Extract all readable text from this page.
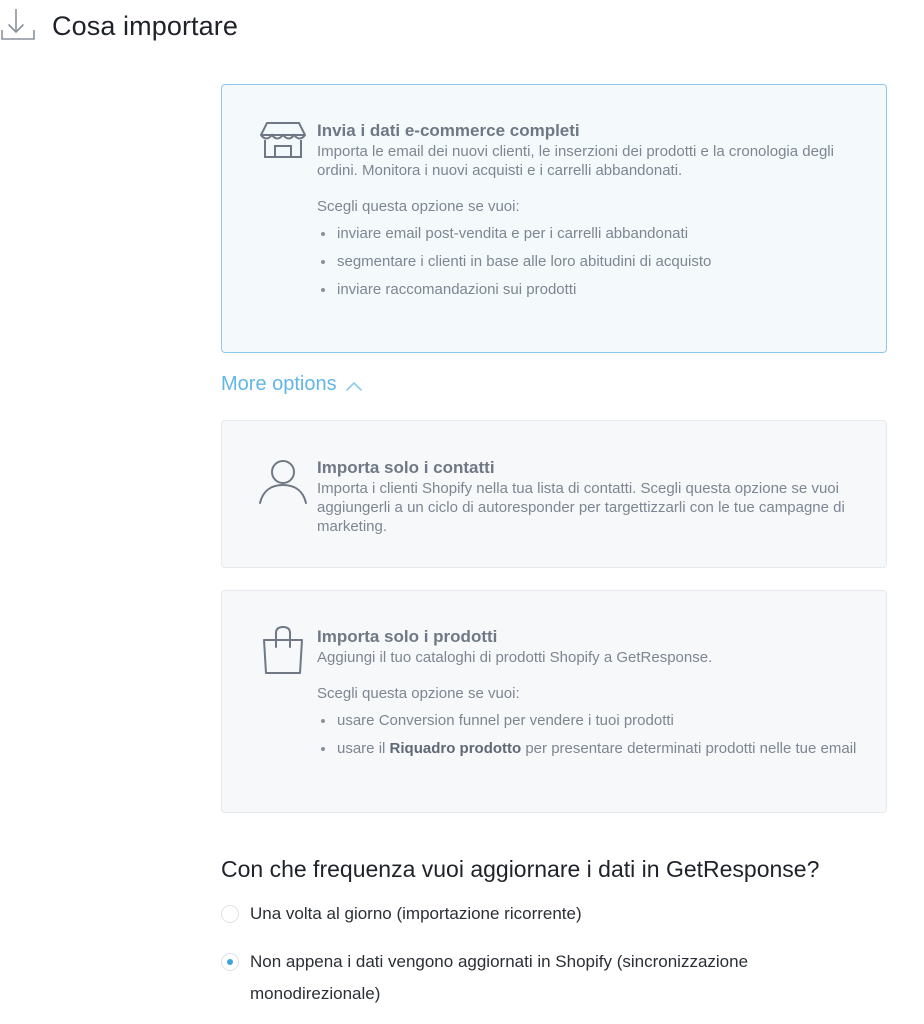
Cosa importare
Invia i dati e-commerce completi

Importa le email dei nuovi clienti, le inserzioni dei prodotti e la cronologia degli ordini. Monitora i nuovi acquisti e i carrelli abbandonati.

Scegli questa opzione se vuoi:
inviare email post-vendita e per i carrelli abbandonati
segmentare i clienti in base alle loro abitudini di acquisto
inviare raccomandazioni sui prodotti
More options
Importa solo i contatti

Importa i clienti Shopify nella tua lista di contatti. Scegli questa opzione se vuoi aggiungerli a un ciclo di autoresponder per targettizzarli con le tue campagne di marketing.

Importa solo i prodotti

Aggiungi il tuo cataloghi di prodotti Shopify a GetResponse.

Scegli questa opzione se vuoi:
usare Conversion funnel per vendere i tuoi prodotti
usare il Riquadro prodotto per presentare determinati prodotti nelle tue email
Con che frequenza vuoi aggiornare i dati in GetResponse?
Una volta al giorno (importazione ricorrente)
Non appena i dati vengono aggiornati in Shopify (sincronizzazione monodirezionale)
